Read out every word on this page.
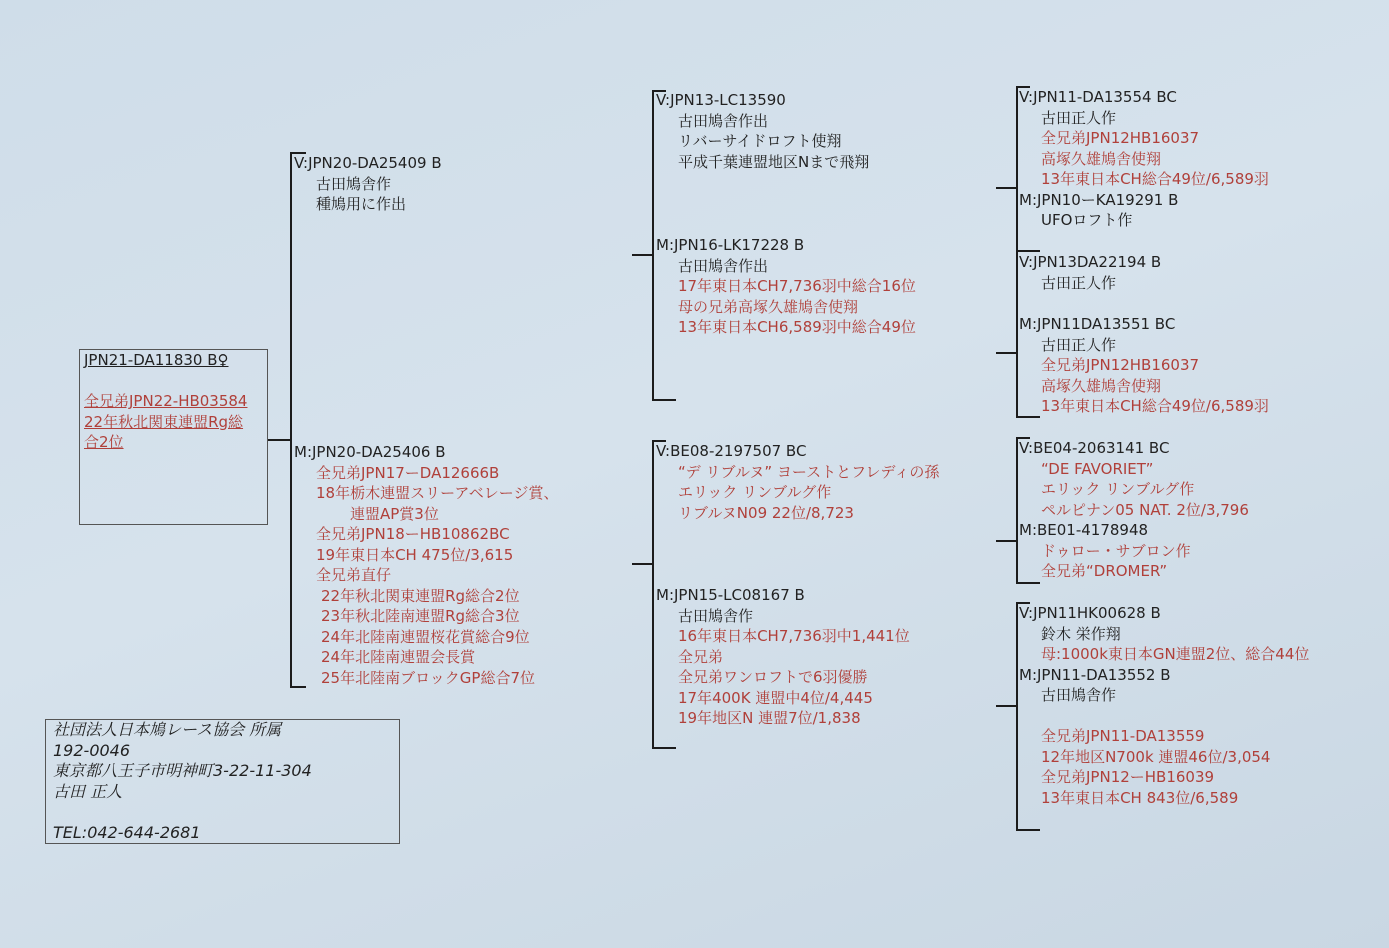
JPN21-DA11830 B♀
全兄弟JPN22-HB03584
22年秋北関東連盟Rg総
合2位
社団法人日本鳩レース協会 所属
192-0046
東京都八王子市明神町3-22-11-304
古田 正人
TEL:042-644-2681
V:JPN20-DA25409 B
古田鳩舎作
種鳩用に作出
M:JPN20-DA25406 B
全兄弟JPN17ーDA12666B
18年栃木連盟スリーアベレージ賞、
連盟AP賞3位
全兄弟JPN18ーHB10862BC
19年東日本CH 475位/3,615
全兄弟直仔
22年秋北関東連盟Rg総合2位
23年秋北陸南連盟Rg総合3位
24年北陸南連盟桜花賞総合9位
24年北陸南連盟会長賞
25年北陸南ブロックGP総合7位
V:JPN13-LC13590
古田鳩舎作出
リバーサイドロフト使翔
平成千葉連盟地区Nまで飛翔
M:JPN16-LK17228 B
古田鳩舎作出
17年東日本CH7,736羽中総合16位
母の兄弟高塚久雄鳩舎使翔
13年東日本CH6,589羽中総合49位
V:BE08-2197507 BC
“デ リブルヌ” ヨーストとフレディの孫
エリック リンブルグ作
リブルヌN09 22位/8,723
M:JPN15-LC08167 B
古田鳩舎作
16年東日本CH7,736羽中1,441位
全兄弟
全兄弟ワンロフトで6羽優勝
17年400K 連盟中4位/4,445
19年地区N 連盟7位/1,838
V:JPN11-DA13554 BC
古田正人作
全兄弟JPN12HB16037
高塚久雄鳩舎使翔
13年東日本CH総合49位/6,589羽
M:JPN10ーKA19291 B
UFOロフト作
V:JPN13DA22194 B
古田正人作
M:JPN11DA13551 BC
古田正人作
全兄弟JPN12HB16037
高塚久雄鳩舎使翔
13年東日本CH総合49位/6,589羽
V:BE04-2063141 BC
“DE FAVORIET”
エリック リンブルグ作
ペルピナン05 NAT. 2位/3,796
M:BE01-4178948
ドゥロー・サブロン作
全兄弟“DROMER”
V:JPN11HK00628 B
鈴木 栄作翔
母:1000k東日本GN連盟2位、総合44位
M:JPN11-DA13552 B
古田鳩舎作
全兄弟JPN11-DA13559
12年地区N700k 連盟46位/3,054
全兄弟JPN12ーHB16039
13年東日本CH 843位/6,589
